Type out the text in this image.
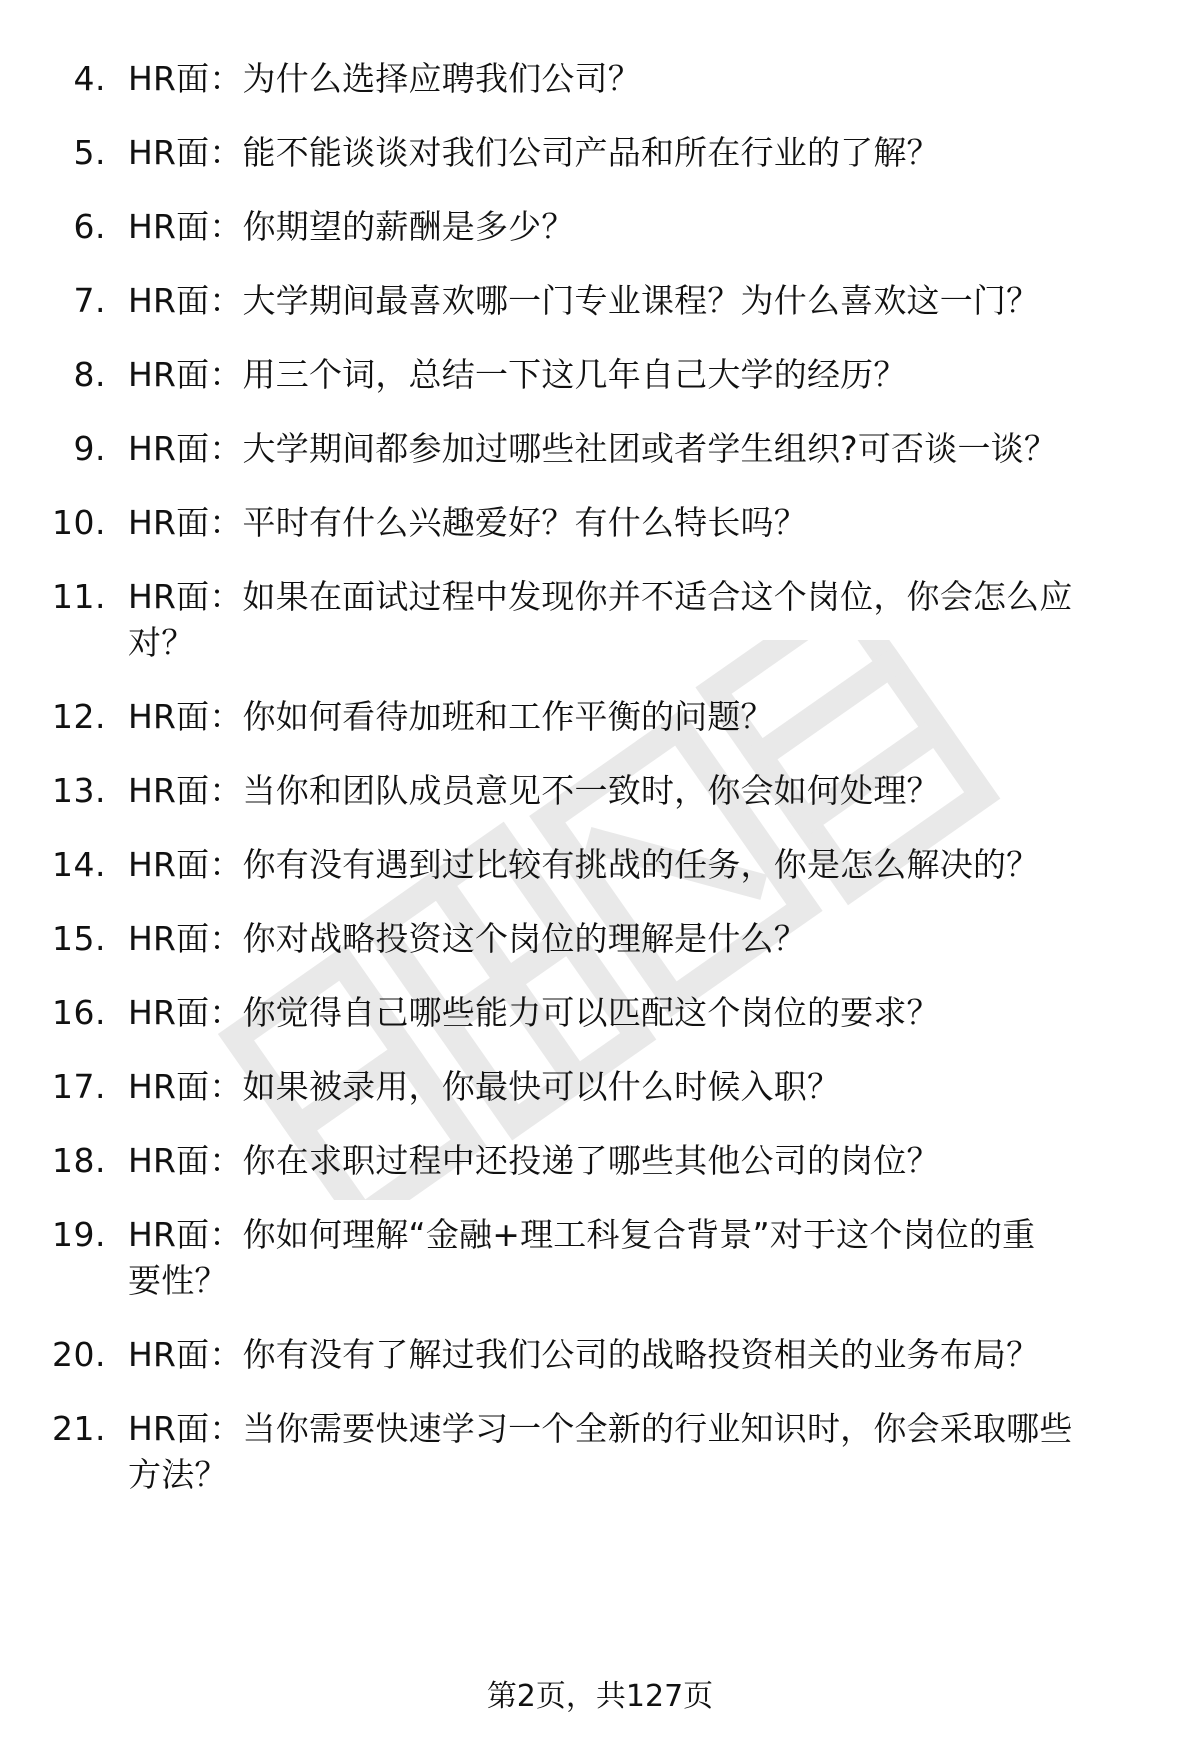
4. HR面：为什么选择应聘我们公司？
5. HR面：能不能谈谈对我们公司产品和所在行业的了解？
6. HR面：你期望的薪酬是多少？
7. HR面：大学期间最喜欢哪一门专业课程？为什么喜欢这一门？
8. HR面：用三个词，总结一下这几年自己大学的经历？
9. HR面：大学期间都参加过哪些社团或者学生组织?可否谈一谈？
10. HR面：平时有什么兴趣爱好？有什么特长吗？
11. HR面：如果在面试过程中发现你并不适合这个岗位，你会怎么应
对？
12. HR面：你如何看待加班和工作平衡的问题？
13. HR面：当你和团队成员意见不一致时，你会如何处理？
14. HR面：你有没有遇到过比较有挑战的任务，你是怎么解决的？
15. HR面：你对战略投资这个岗位的理解是什么？
16. HR面：你觉得自己哪些能力可以匹配这个岗位的要求？
17. HR面：如果被录用，你最快可以什么时候入职？
18. HR面：你在求职过程中还投递了哪些其他公司的岗位？
19. HR面：你如何理解“金融+理工科复合背景”对于这个岗位的重
要性？
20. HR面：你有没有了解过我们公司的战略投资相关的业务布局？
21. HR面：当你需要快速学习一个全新的行业知识时，你会采取哪些
方法？
第2页，共127页
